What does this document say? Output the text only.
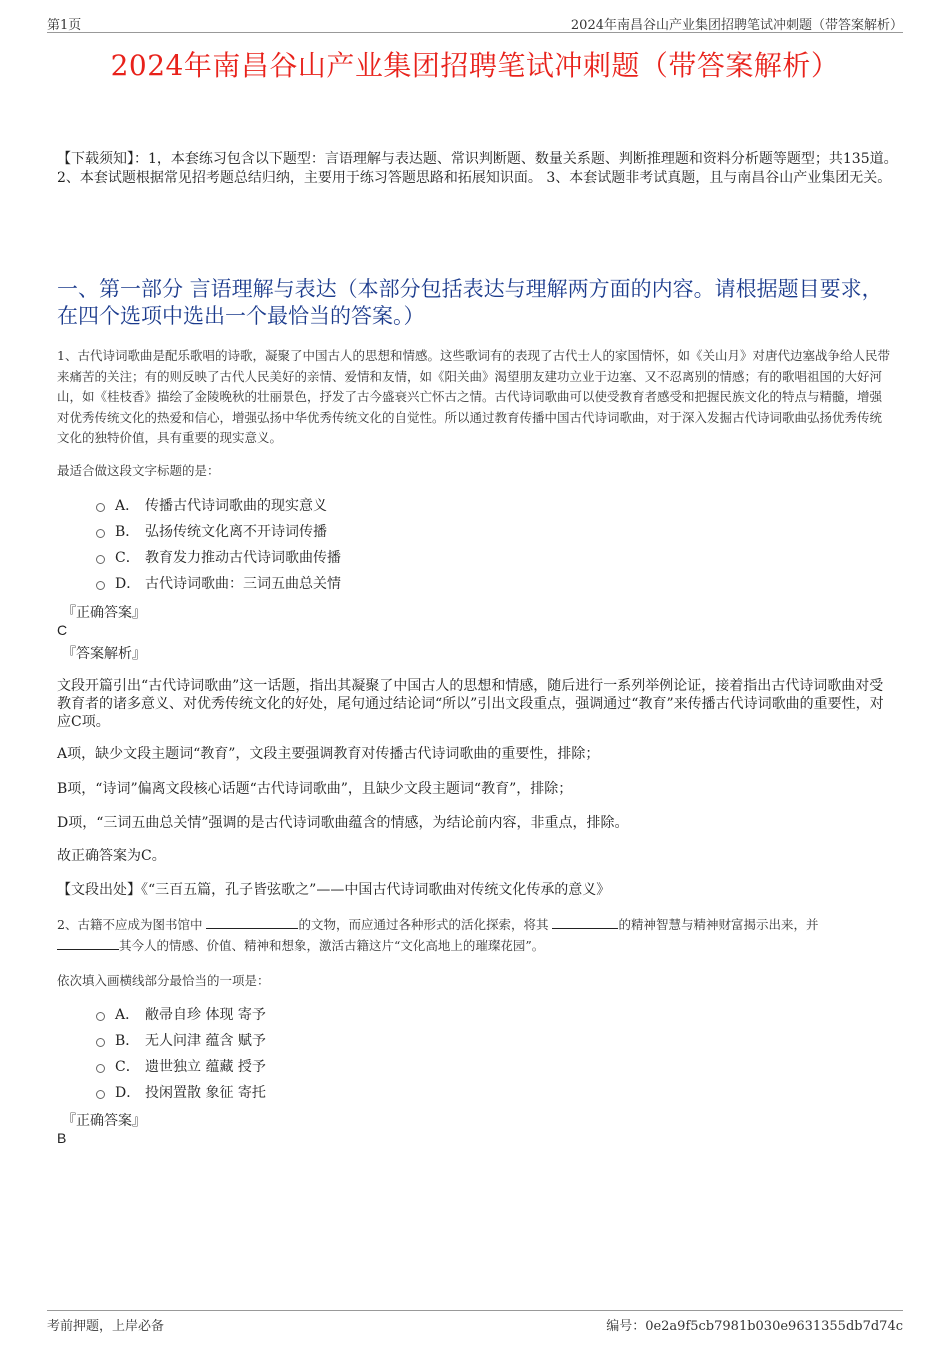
第1页	2024年南昌谷山产业集团招聘笔试冲刺题（带答案解析）
2024年南昌谷山产业集团招聘笔试冲刺题（带答案解析）
【下载须知】：1，本套练习包含以下题型：言语理解与表达题、常识判断题、数量关系题、判断推理题和资料分析题等题型；共135道。 2、本套试题根据常见招考题总结归纳，主要用于练习答题思路和拓展知识面。 3、本套试题非考试真题，且与南昌谷山产业集团无关。
一、第一部分 言语理解与表达（本部分包括表达与理解两方面的内容。请根据题目要求，在四个选项中选出一个最恰当的答案。）
1、古代诗词歌曲是配乐歌唱的诗歌，凝聚了中国古人的思想和情感。这些歌词有的表现了古代士人的家国情怀，如《关山月》对唐代边塞战争给人民带来痛苦的关注；有的则反映了古代人民美好的亲情、爱情和友情，如《阳关曲》渴望朋友建功立业于边塞、又不忍离别的情感；有的歌唱祖国的大好河山，如《桂枝香》描绘了金陵晚秋的壮丽景色，抒发了古今盛衰兴亡怀古之情。古代诗词歌曲可以使受教育者感受和把握民族文化的特点与精髓，增强对优秀传统文化的热爱和信心，增强弘扬中华优秀传统文化的自觉性。所以通过教育传播中国古代诗词歌曲，对于深入发掘古代诗词歌曲弘扬优秀传统文化的独特价值，具有重要的现实意义。
最适合做这段文字标题的是：
A． 传播古代诗词歌曲的现实意义
B． 弘扬传统文化离不开诗词传播
C． 教育发力推动古代诗词歌曲传播
D． 古代诗词歌曲：三词五曲总关情
『正确答案』
C
『答案解析』
文段开篇引出“古代诗词歌曲”这一话题，指出其凝聚了中国古人的思想和情感，随后进行一系列举例论证，接着指出古代诗词歌曲对受教育者的诸多意义、对优秀传统文化的好处，尾句通过结论词“所以”引出文段重点，强调通过“教育”来传播古代诗词歌曲的重要性，对应C项。
A项，缺少文段主题词“教育”，文段主要强调教育对传播古代诗词歌曲的重要性，排除；
B项，“诗词”偏离文段核心话题“古代诗词歌曲”，且缺少文段主题词“教育”，排除；
D项，“三词五曲总关情”强调的是古代诗词歌曲蕴含的情感，为结论前内容，非重点，排除。
故正确答案为C。
【文段出处】《“三百五篇，孔子皆弦歌之”——中国古代诗词歌曲对传统文化传承的意义》
2、古籍不应成为图书馆中	的文物，而应通过各种形式的活化探索，将其	的精神智慧与精神财富揭示出来，并
其今人的情感、价值、精神和想象，激活古籍这片“文化高地上的璀璨花园”。
依次填入画横线部分最恰当的一项是：
A． 敝帚自珍 体现 寄予
B． 无人问津 蕴含 赋予
C． 遗世独立 蕴藏 授予
D． 投闲置散 象征 寄托
『正确答案』
B
考前押题，上岸必备	编号：0e2a9f5cb7981b030e9631355db7d74c
